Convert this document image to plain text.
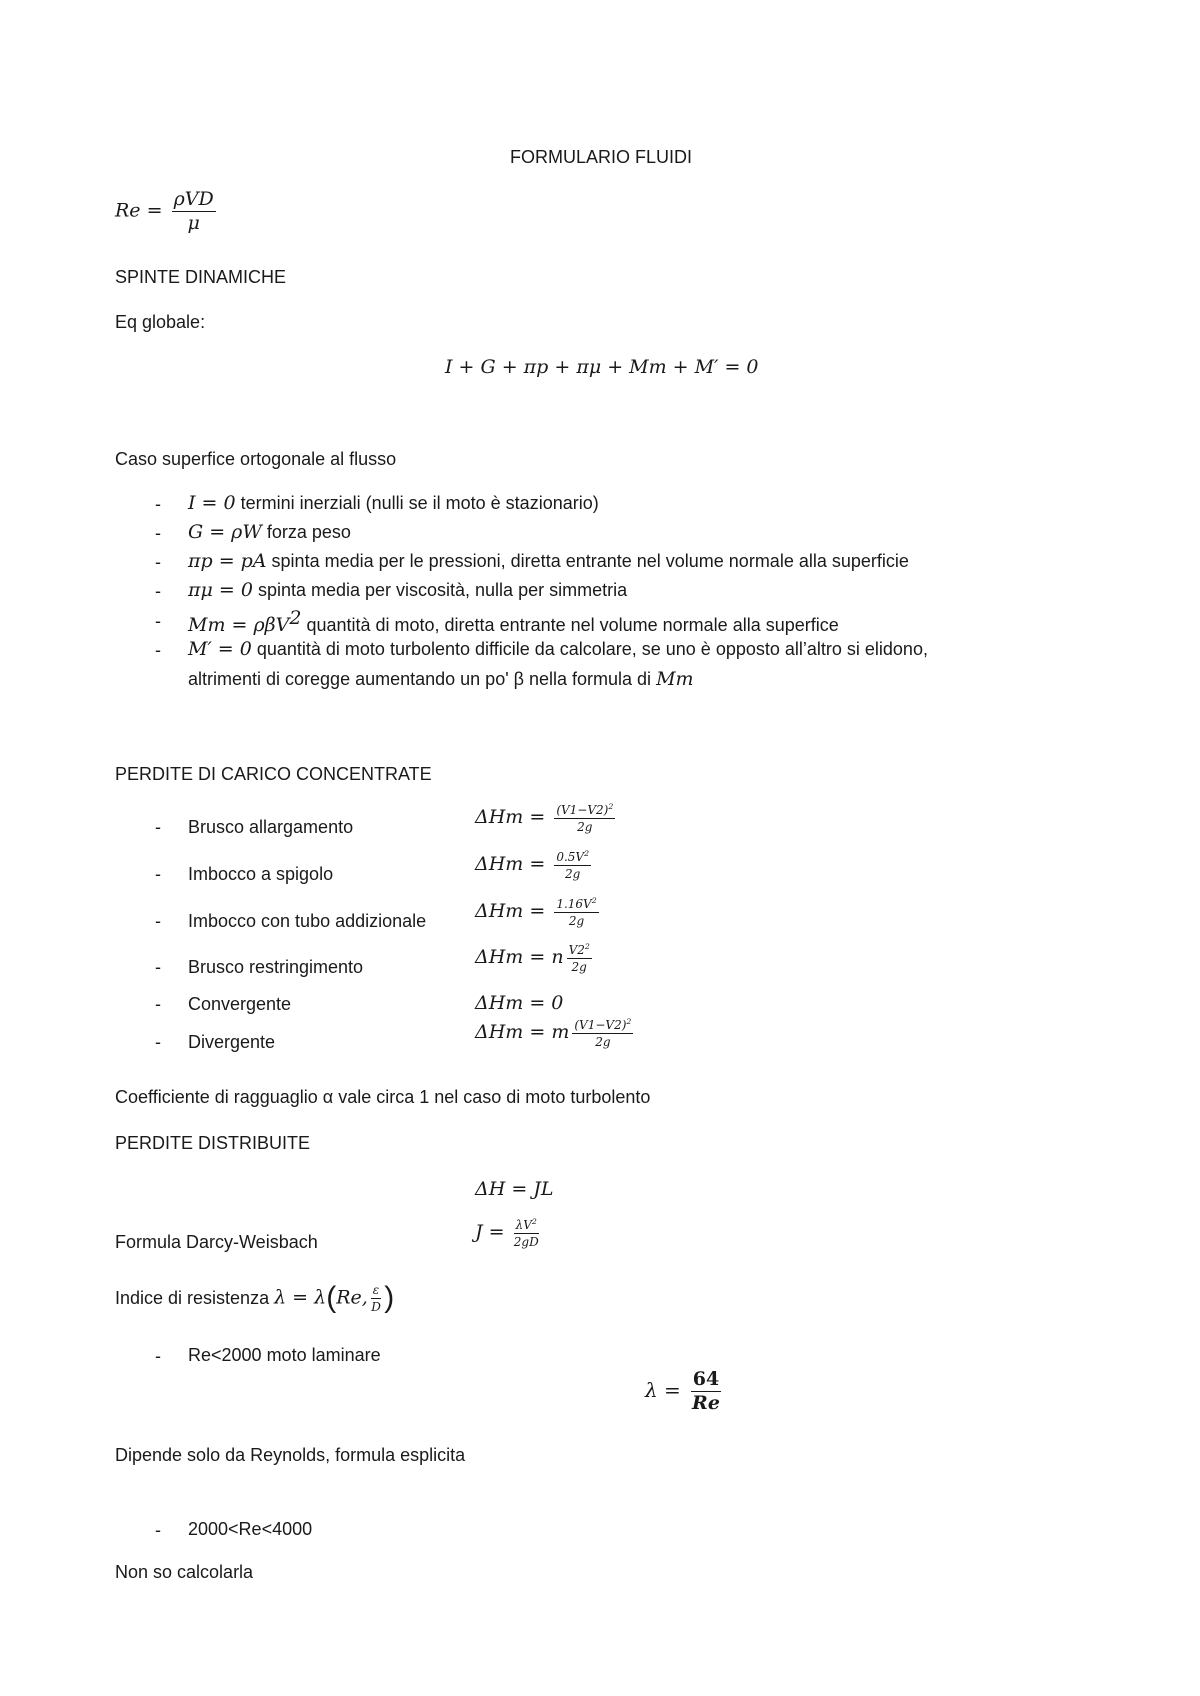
FORMULARIO FLUIDI
$Re = \frac{\text{ρVD}}{\mu}$
SPINTE DINAMICHE
Eq globale:
I + G + πp + πμ + Mm + M′ = 0
Caso superfice ortogonale al flusso
- I = 0 termini inerziali (nulli se il moto è stazionario)
- G = ρW forza peso
- πp = pA spinta media per le pressioni, diretta entrante nel volume normale alla superficie
- πμ = 0 spinta media per viscosità, nulla per simmetria
- Mm = ρβV$^2$ quantità di moto, diretta entrante nel volume normale alla superfice
- M′ = 0 quantità di moto turbolento difficile da calcolare, se uno è opposto all’altro si elidono,
altrimenti di coregge aumentando un po' β nella formula di Mm
PERDITE DI CARICO CONCENTRATE
- Brusco allargamento	$\Delta Hm = \frac{(V1-V2)^2}{2g}$
- Imbocco a spigolo	$\Delta Hm = \frac{0.5V^2}{2g}$
- Imbocco con tubo addizionale	$\Delta Hm = \frac{1.16V^2}{2g}$
- Brusco restringimento	ΔHm = n $\frac{V2^2}{2g}$
- Convergente	ΔHm = 0
- Divergente	ΔHm = m $\frac{(V1-V2)^2}{2g}$
Coefficiente di ragguaglio α vale circa 1 nel caso di moto turbolento
PERDITE DISTRIBUITE
ΔH = JL
Formula Darcy-Weisbach	$J = \frac{\lambda V^2}{2gD}$
Indice di resistenza λ = λ(Re, $\frac{\varepsilon}{D}$ )
- Re<2000 moto laminare
$\lambda = \frac{64}{Re}$
Dipende solo da Reynolds, formula esplicita
- 2000<Re<4000
Non so calcolarla
